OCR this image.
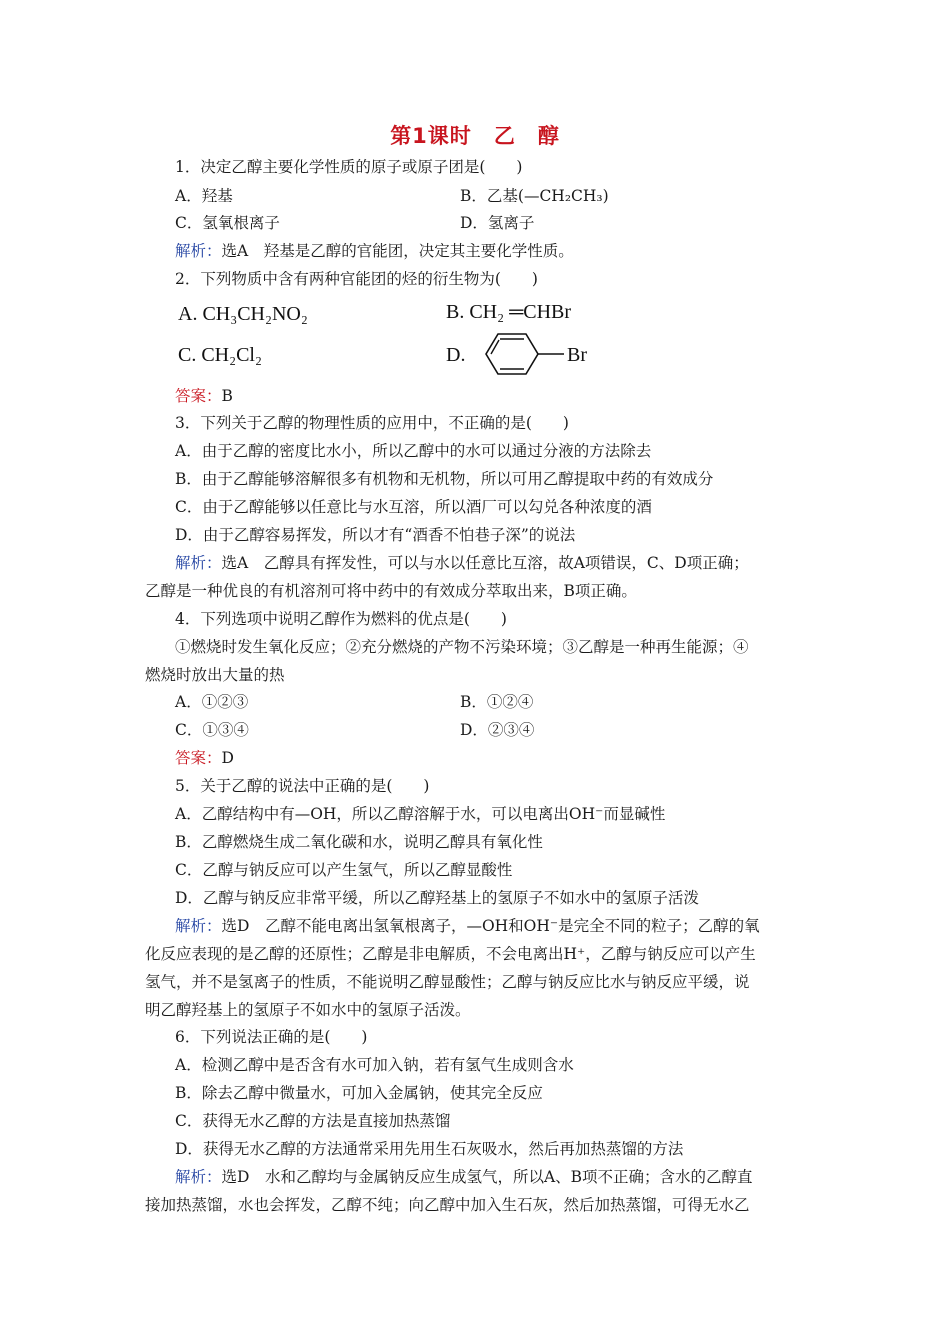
第1课时 乙 醇
1．决定乙醇主要化学性质的原子或原子团是(　　)
A．羟基	B．乙基(—CH₂CH₃)
C．氢氧根离子	D．氢离子
解析：选A　羟基是乙醇的官能团，决定其主要化学性质。
2．下列物质中含有两种官能团的烃的衍生物为(　　)
A. CH₃CH₂NO₂	B. CH₂ ═CHBr
C. CH₂Cl₂	D.	Br
答案：B
3．下列关于乙醇的物理性质的应用中，不正确的是(　　)
A．由于乙醇的密度比水小，所以乙醇中的水可以通过分液的方法除去
B．由于乙醇能够溶解很多有机物和无机物，所以可用乙醇提取中药的有效成分
C．由于乙醇能够以任意比与水互溶，所以酒厂可以勾兑各种浓度的酒
D．由于乙醇容易挥发，所以才有“酒香不怕巷子深”的说法
解析：选A　乙醇具有挥发性，可以与水以任意比互溶，故A项错误，C、D项正确；
乙醇是一种优良的有机溶剂可将中药中的有效成分萃取出来，B项正确。
4．下列选项中说明乙醇作为燃料的优点是(　　)
①燃烧时发生氧化反应；②充分燃烧的产物不污染环境；③乙醇是一种再生能源；④
燃烧时放出大量的热
A．①②③	B．①②④
C．①③④	D．②③④
答案：D
5．关于乙醇的说法中正确的是(　　)
A．乙醇结构中有—OH，所以乙醇溶解于水，可以电离出OH⁻而显碱性
B．乙醇燃烧生成二氧化碳和水，说明乙醇具有氧化性
C．乙醇与钠反应可以产生氢气，所以乙醇显酸性
D．乙醇与钠反应非常平缓，所以乙醇羟基上的氢原子不如水中的氢原子活泼
解析：选D　乙醇不能电离出氢氧根离子，—OH和OH⁻是完全不同的粒子；乙醇的氧
化反应表现的是乙醇的还原性；乙醇是非电解质，不会电离出H⁺，乙醇与钠反应可以产生
氢气，并不是氢离子的性质，不能说明乙醇显酸性；乙醇与钠反应比水与钠反应平缓，说
明乙醇羟基上的氢原子不如水中的氢原子活泼。
6．下列说法正确的是(　　)
A．检测乙醇中是否含有水可加入钠，若有氢气生成则含水
B．除去乙醇中微量水，可加入金属钠，使其完全反应
C．获得无水乙醇的方法是直接加热蒸馏
D．获得无水乙醇的方法通常采用先用生石灰吸水，然后再加热蒸馏的方法
解析：选D　水和乙醇均与金属钠反应生成氢气，所以A、B项不正确；含水的乙醇直
接加热蒸馏，水也会挥发，乙醇不纯；向乙醇中加入生石灰，然后加热蒸馏，可得无水乙
